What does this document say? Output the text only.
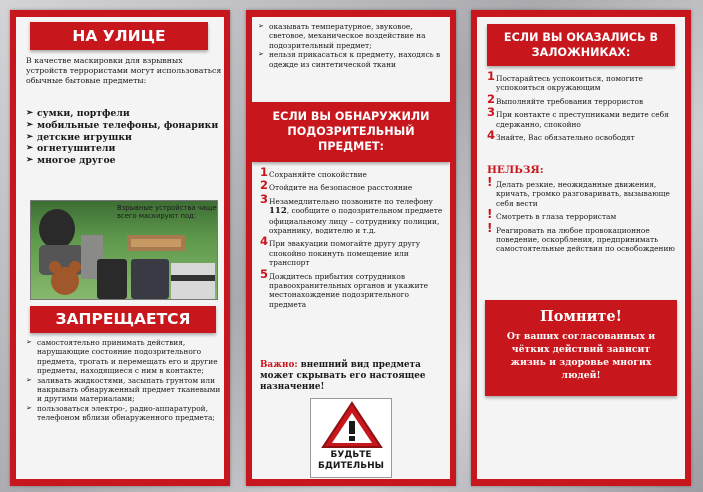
НА УЛИЦЕ
В качестве маскировки для взрывных устройств террористами могут использоваться обычные бытовые предметы:
➢ сумки, портфели
➢ мобильные телефоны, фонарики
➢ детские игрушки
➢ огнетушители
➢ многое другое
Взрывные устройства чаще всего маскируют под:
ЗАПРЕЩАЕТСЯ
➢ самостоятельно принимать действия, нарушающие состояние подозрительного предмета, трогать и перемещать его и другие предметы, находящиеся с ним в контакте;
➢ заливать жидкостями, засыпать грунтом или накрывать обнаруженный предмет тканевыми и другими материалами;
➢ пользоваться электро-, радио-аппаратурой, телефоном вблизи обнаруженного предмета;
➢ оказывать температурное, звуковое, световое, механическое воздействие на подозрительный предмет;
➢ нельзя прикасаться к предмету, находясь в одежде из синтетической ткани
ЕСЛИ ВЫ ОБНАРУЖИЛИ ПОДОЗРИТЕЛЬНЫЙ ПРЕДМЕТ:
1 Сохраняйте спокойствие
2 Отойдите на безопасное расстояние
3 Незамедлительно позвоните по телефону 112, сообщите о подозрительном предмете официальному лицу – сотруднику полиции, охраннику, водителю и т.д.
4 При эвакуации помогайте другу другу спокойно покинуть помещение или транспорт
5 Дождитесь прибытия сотрудников правоохранительных органов и укажите местонахождение подозрительного предмета
Важно: внешний вид предмета может скрывать его настоящее назначение!
БУДЬТЕ
БДИТЕЛЬНЫ
ЕСЛИ ВЫ ОКАЗАЛИСЬ В ЗАЛОЖНИКАХ:
1 Постарайтесь успокоиться, помогите успокоиться окружающим
2 Выполняйте требования террористов
3 При контакте с преступниками ведите себя сдержанно, спокойно
4 Знайте, Вас обязательно освободят
НЕЛЬЗЯ:
! Делать резкие, неожиданные движения, кричать, громко разговаривать, вызывающе себя вести
! Смотреть в глаза террористам
! Реагировать на любое провокационное поведение, оскорбления, предпринимать самостоятельные действия по освобождению
Помните!
От ваших согласованных и чётких действий зависит жизнь и здоровье многих людей!
